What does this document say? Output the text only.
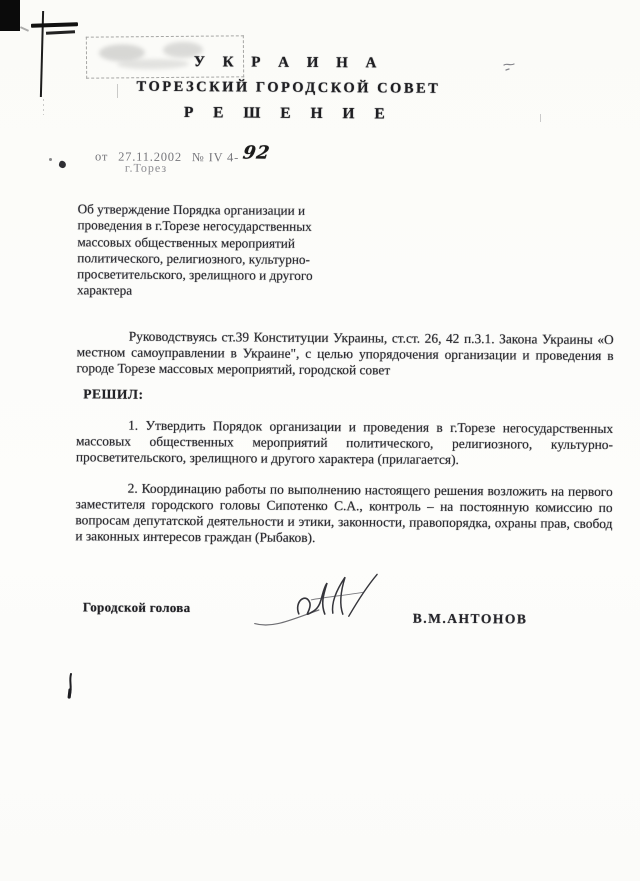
У К Р А И Н А
ТОРЕЗСКИЙ ГОРОДСКОЙ СОВЕТ
Р Е Ш Е Н И Е
от 27.11.2002 № IV 4- 92
г.Торез
Об утверждение Порядка организации и
проведения в г.Торезе негосударственных
массовых общественных мероприятий
политического, религиозного, культурно-
просветительского, зрелищного и другого
характера
Руководствуясь ст.39 Конституции Украины, ст.ст. 26, 42 п.3.1. Закона Украины «О местном самоуправлении в Украине", с целью упорядочения организации и проведения в городе Торезе массовых мероприятий, городской совет
РЕШИЛ:
1. Утвердить Порядок организации и проведения в г.Торезе негосударственных массовых общественных мероприятий политического, религиозного, культурно-просветительского, зрелищного и другого характера (прилагается).
2. Координацию работы по выполнению настоящего решения возложить на первого заместителя городского головы Сипотенко С.А., контроль – на постоянную комиссию по вопросам депутатской деятельности и этики, законности, правопорядка, охраны прав, свобод и законных интересов граждан (Рыбаков).
Городской голова
В.М.АНТОНОВ
